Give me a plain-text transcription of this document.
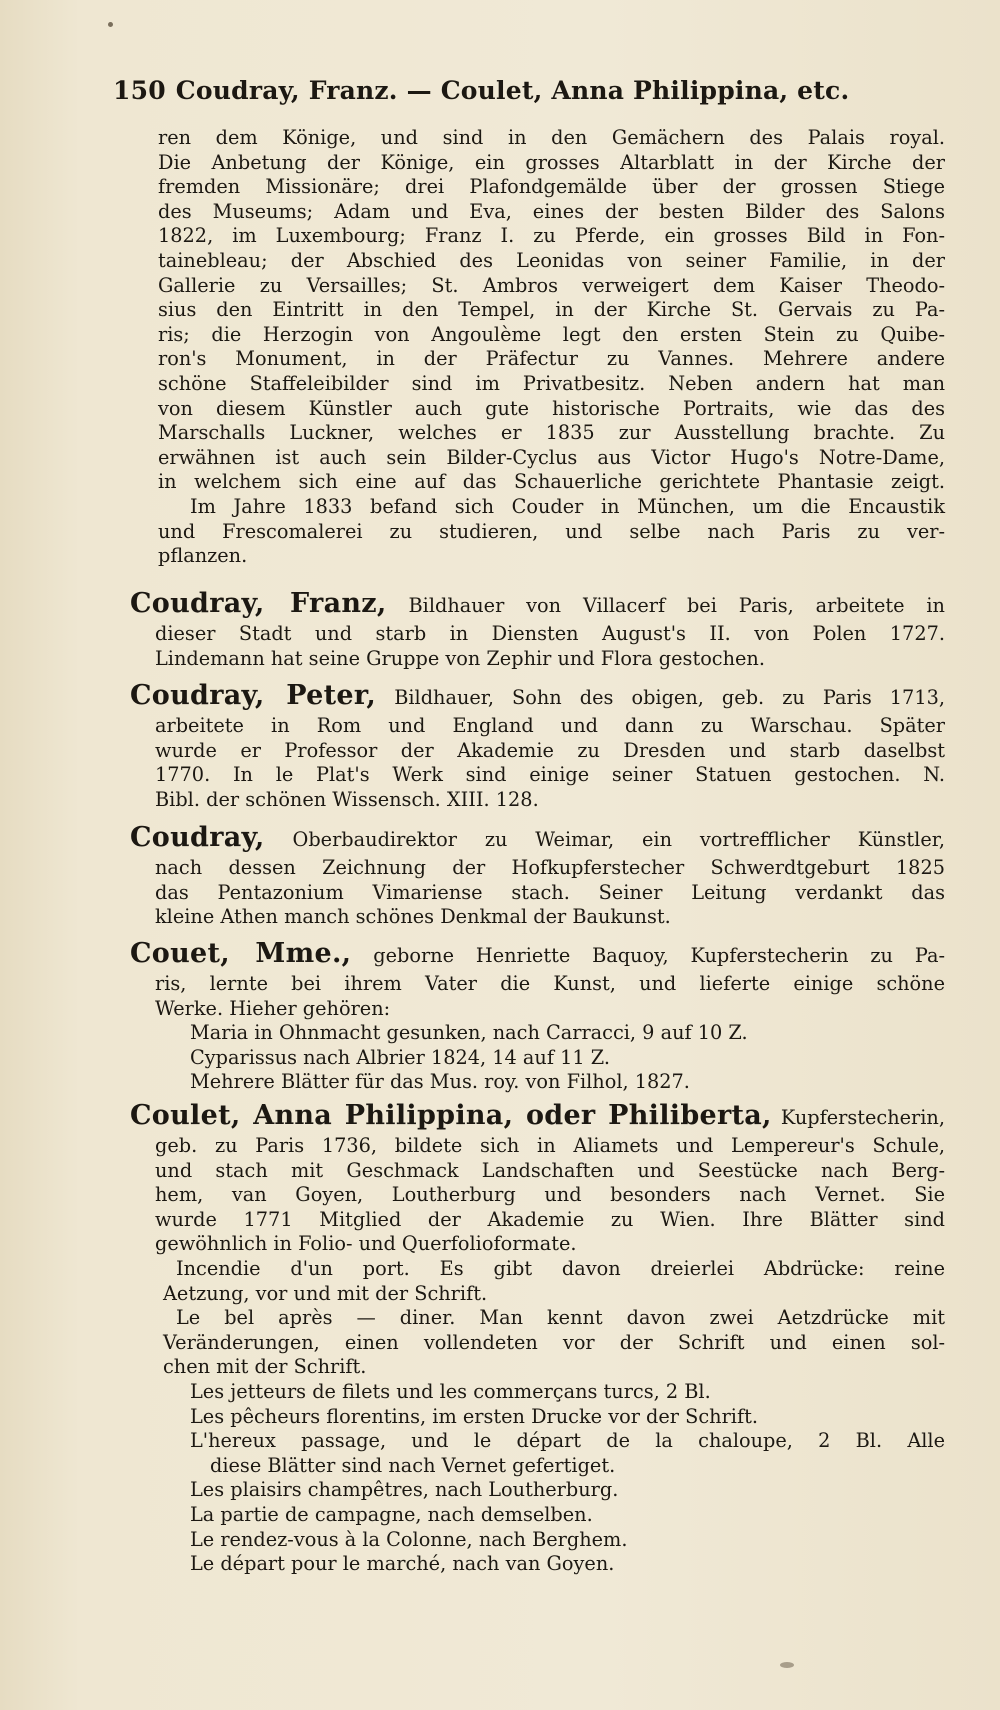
150 Coudray, Franz. — Coulet, Anna Philippina, etc.
ren dem Könige, und sind in den Gemächern des Palais royal.
Die Anbetung der Könige, ein grosses Altarblatt in der Kirche der
fremden Missionäre; drei Plafondgemälde über der grossen Stiege
des Museums; Adam und Eva, eines der besten Bilder des Salons
1822, im Luxembourg; Franz I. zu Pferde, ein grosses Bild in Fon-
tainebleau; der Abschied des Leonidas von seiner Familie, in der
Gallerie zu Versailles; St. Ambros verweigert dem Kaiser Theodo-
sius den Eintritt in den Tempel, in der Kirche St. Gervais zu Pa-
ris; die Herzogin von Angoulème legt den ersten Stein zu Quibe-
ron's Monument, in der Präfectur zu Vannes. Mehrere andere
schöne Staffeleibilder sind im Privatbesitz. Neben andern hat man
von diesem Künstler auch gute historische Portraits, wie das des
Marschalls Luckner, welches er 1835 zur Ausstellung brachte. Zu
erwähnen ist auch sein Bilder-Cyclus aus Victor Hugo's Notre-Dame,
in welchem sich eine auf das Schauerliche gerichtete Phantasie zeigt.
Im Jahre 1833 befand sich Couder in München, um die Encaustik
und Frescomalerei zu studieren, und selbe nach Paris zu ver-
pflanzen.
Coudray, Franz, Bildhauer von Villacerf bei Paris, arbeitete in
dieser Stadt und starb in Diensten August's II. von Polen 1727.
Lindemann hat seine Gruppe von Zephir und Flora gestochen.
Coudray, Peter, Bildhauer, Sohn des obigen, geb. zu Paris 1713,
arbeitete in Rom und England und dann zu Warschau. Später
wurde er Professor der Akademie zu Dresden und starb daselbst
1770. In le Plat's Werk sind einige seiner Statuen gestochen. N.
Bibl. der schönen Wissensch. XIII. 128.
Coudray, Oberbaudirektor zu Weimar, ein vortrefflicher Künstler,
nach dessen Zeichnung der Hofkupferstecher Schwerdtgeburt 1825
das Pentazonium Vimariense stach. Seiner Leitung verdankt das
kleine Athen manch schönes Denkmal der Baukunst.
Couet, Mme., geborne Henriette Baquoy, Kupferstecherin zu Pa-
ris, lernte bei ihrem Vater die Kunst, und lieferte einige schöne
Werke. Hieher gehören:
Maria in Ohnmacht gesunken, nach Carracci, 9 auf 10 Z.
Cyparissus nach Albrier 1824, 14 auf 11 Z.
Mehrere Blätter für das Mus. roy. von Filhol, 1827.
Coulet, Anna Philippina, oder Philiberta, Kupferstecherin,
geb. zu Paris 1736, bildete sich in Aliamets und Lempereur's Schule,
und stach mit Geschmack Landschaften und Seestücke nach Berg-
hem, van Goyen, Loutherburg und besonders nach Vernet. Sie
wurde 1771 Mitglied der Akademie zu Wien. Ihre Blätter sind
gewöhnlich in Folio- und Querfolioformate.
Incendie d'un port. Es gibt davon dreierlei Abdrücke: reine
Aetzung, vor und mit der Schrift.
Le bel après — diner. Man kennt davon zwei Aetzdrücke mit
Veränderungen, einen vollendeten vor der Schrift und einen sol-
chen mit der Schrift.
Les jetteurs de filets und les commerçans turcs, 2 Bl.
Les pêcheurs florentins, im ersten Drucke vor der Schrift.
L'hereux passage, und le départ de la chaloupe, 2 Bl. Alle
diese Blätter sind nach Vernet gefertiget.
Les plaisirs champêtres, nach Loutherburg.
La partie de campagne, nach demselben.
Le rendez-vous à la Colonne, nach Berghem.
Le départ pour le marché, nach van Goyen.
